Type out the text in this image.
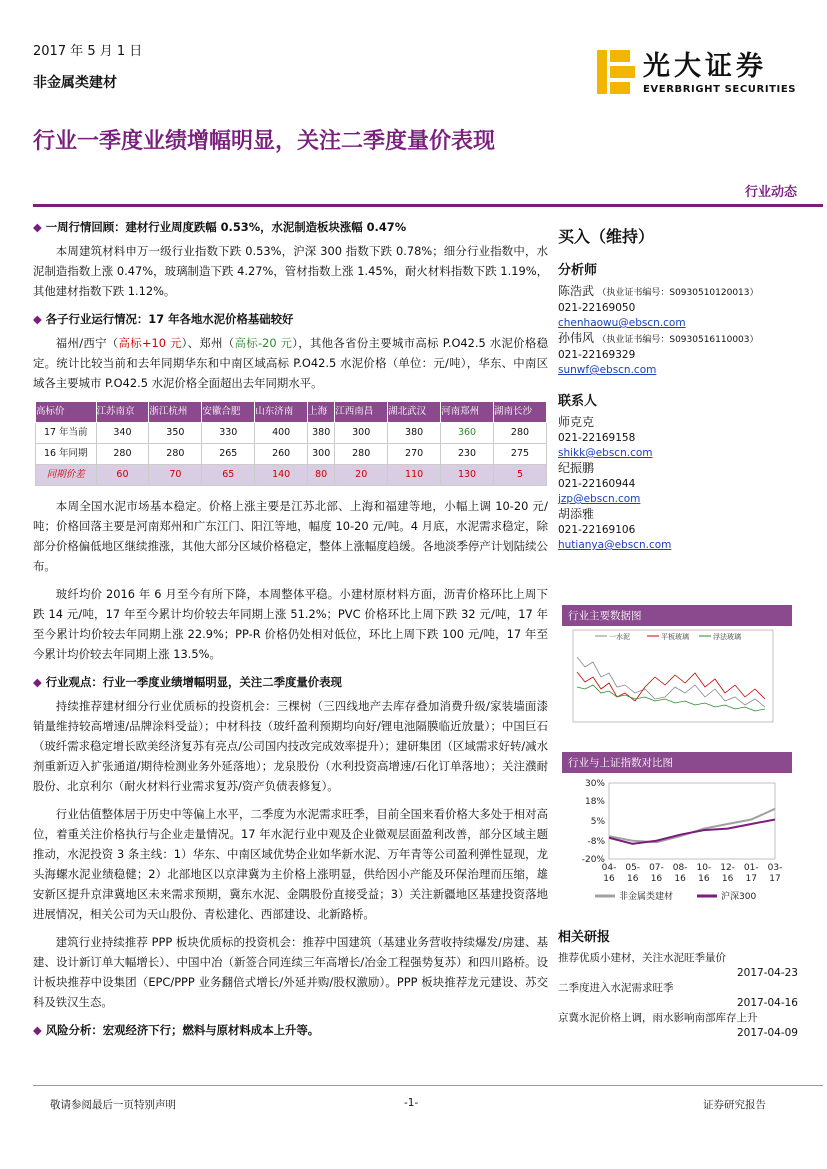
2017 年 5 月 1 日
非金属类建材
光大证券
EVERBRIGHT SECURITIES
行业一季度业绩增幅明显，关注二季度量价表现
行业动态
◆ 一周行情回顾：建材行业周度跌幅 0.53%，水泥制造板块涨幅 0.47%

本周建筑材料申万一级行业指数下跌 0.53%，沪深 300 指数下跌 0.78%；细分行业指数中，水泥制造指数上涨 0.47%，玻璃制造下跌 4.27%，管材指数上涨 1.45%，耐火材料指数下跌 1.19%，其他建材指数下跌 1.12%。

◆ 各子行业运行情况：17 年各地水泥价格基础较好

福州/西宁（高标+10 元）、郑州（高标-20 元），其他各省份主要城市高标 P.O42.5 水泥价格稳定。统计比较当前和去年同期华东和中南区域高标 P.O42.5 水泥价格（单位：元/吨），华东、中南区域各主要城市 P.O42.5 水泥价格全面超出去年同期水平。

高标价	江苏南京	浙江杭州	安徽合肥	山东济南	上海	江西南昌	湖北武汉	河南郑州	湖南长沙
17 年当前	340	350	330	400	380	300	380	360	280
16 年同期	280	280	265	260	300	280	270	230	275
同期价差	60	70	65	140	80	20	110	130	5

本周全国水泥市场基本稳定。价格上涨主要是江苏北部、上海和福建等地，小幅上调 10-20 元/吨；价格回落主要是河南郑州和广东江门、阳江等地，幅度 10-20 元/吨。4 月底，水泥需求稳定，除部分价格偏低地区继续推涨，其他大部分区域价格稳定，整体上涨幅度趋缓。各地淡季停产计划陆续公布。

玻纤均价 2016 年 6 月至今有所下降，本周整体平稳。小建材原材料方面，沥青价格环比上周下跌 14 元/吨，17 年至今累计均价较去年同期上涨 51.2%；PVC 价格环比上周下跌 32 元/吨，17 年至今累计均价较去年同期上涨 22.9%；PP-R 价格仍处相对低位，环比上周下跌 100 元/吨，17 年至今累计均价较去年同期上涨 13.5%。

◆ 行业观点：行业一季度业绩增幅明显，关注二季度量价表现

持续推荐建材细分行业优质标的投资机会：三棵树（三四线地产去库存叠加消费升级/家装墙面漆销量维持较高增速/品牌涂料受益）；中材科技（玻纤盈利预期均向好/锂电池隔膜临近放量）；中国巨石（玻纤需求稳定增长欧美经济复苏有亮点/公司国内技改完成效率提升）；建研集团（区域需求好转/减水剂重新迈入扩张通道/期待检测业务外延落地）；龙泉股份（水利投资高增速/石化订单落地）；关注濮耐股份、北京利尔（耐火材料行业需求复苏/资产负债表修复）。

行业估值整体居于历史中等偏上水平，二季度为水泥需求旺季，目前全国来看价格大多处于相对高位，着重关注价格执行与企业走量情况。17 年水泥行业中观及企业微观层面盈利改善，部分区域主题推动，水泥投资 3 条主线：1）华东、中南区域优势企业如华新水泥、万年青等公司盈利弹性显现，龙头海螺水泥业绩稳健；2）北部地区以京津冀为主价格上涨明显，供给因小产能及环保治理而压缩，雄安新区提升京津冀地区未来需求预期，冀东水泥、金隅股份直接受益；3）关注新疆地区基建投资落地进展情况，相关公司为天山股份、青松建化、西部建设、北新路桥。

建筑行业持续推荐 PPP 板块优质标的投资机会：推荐中国建筑（基建业务营收持续爆发/房建、基建、设计新订单大幅增长）、中国中冶（新签合同连续三年高增长/冶金工程强势复苏）和四川路桥。设计板块推荐中设集团（EPC/PPP 业务翻倍式增长/外延并购/股权激励）。PPP 板块推荐龙元建设、苏交科及铁汉生态。

◆ 风险分析：宏观经济下行；燃料与原材料成本上升等。
买入（维持）
分析师
陈浩武 （执业证书编号：S0930510120013）
021-22169050
chenhaowu@ebscn.com
孙伟风 （执业证书编号：S0930516110003）
021-22169329
sunwf@ebscn.com
联系人
师克克
021-22169158
shikk@ebscn.com
纪振鹏
021-22160944
jzp@ebscn.com
胡添雅
021-22169106
hutianya@ebscn.com
行业主要数据图
一水泥	平板玻璃	浮法玻璃
行业与上证指数对比图
30%
18%
5%
-8%
-20%
04-
16
05-
16
07-
16
08-
16
10-
16
12-
16
01-
17
03-
17
非金属类建材	沪深300
相关研报
推荐优质小建材，关注水泥旺季量价
2017-04-23
二季度进入水泥需求旺季
2017-04-16
京冀水泥价格上调，雨水影响南部库存上升
2017-04-09
敬请参阅最后一页特别声明	-1-	证券研究报告
